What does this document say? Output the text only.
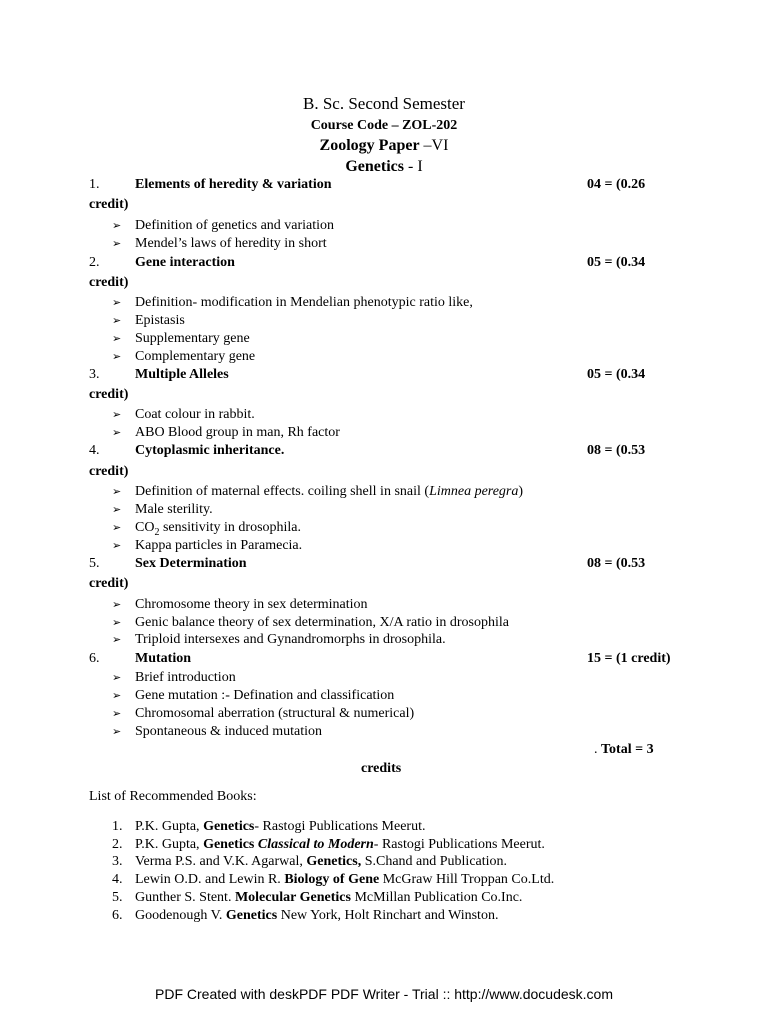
B. Sc. Second Semester
Course Code – ZOL-202
Zoology Paper –VI
Genetics - I
1.	Elements of heredity & variation	04 = (0.26
credit)
➢ Definition of genetics and variation
➢ Mendel’s laws of heredity in short
2.	Gene interaction	05 = (0.34
credit)
➢ Definition- modification in Mendelian phenotypic ratio like,
➢ Epistasis
➢ Supplementary gene
➢ Complementary gene
3.	Multiple Alleles	05 = (0.34
credit)
➢ Coat colour in rabbit.
➢ ABO Blood group in man, Rh factor
4.	Cytoplasmic inheritance.	08 = (0.53
credit)
➢ Definition of maternal effects. coiling shell in snail (Limnea peregra)
➢ Male sterility.
➢ $CO_2$ sensitivity in drosophila.
➢ Kappa particles in Paramecia.
5.	Sex Determination	08 = (0.53
credit)
➢ Chromosome theory in sex determination
➢ Genic balance theory of sex determination, X/A ratio in drosophila
➢ Triploid intersexes and Gynandromorphs in drosophila.
6.	Mutation	15 = (1 credit)
➢ Brief introduction
➢ Gene mutation :- Defination and classification
➢ Chromosomal aberration (structural & numerical)
➢ Spontaneous & induced mutation
. Total = 3
credits
List of Recommended Books:
1. P.K. Gupta, Genetics- Rastogi Publications Meerut.
2. P.K. Gupta, Genetics Classical to Modern- Rastogi Publications Meerut.
3. Verma P.S. and V.K. Agarwal, Genetics, S.Chand and Publication.
4. Lewin O.D. and Lewin R. Biology of Gene McGraw Hill Troppan Co.Ltd.
5. Gunther S. Stent. Molecular Genetics McMillan Publication Co.Inc.
6. Goodenough V. Genetics New York, Holt Rinchart and Winston.
PDF Created with deskPDF PDF Writer - Trial :: http://www.docudesk.com
